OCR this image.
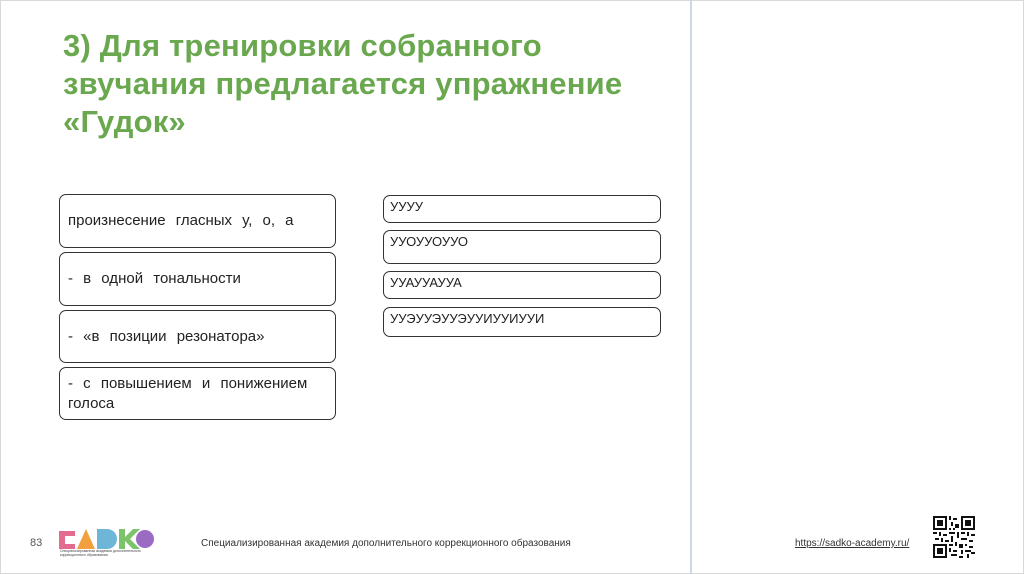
3) Для тренировки собранного
звучания предлагается упражнение
«Гудок»
произнесение гласных у, о, а
- в одной тональности
- «в позиции резонатора»
- с повышением и понижением голоса
УУУУ
УУОУУОУУО
УУАУУАУУА
УУЭУУЭУУЭУУИУУИУУИ
83
Специализированная академия дополнительного коррекционного образования
Специализированная академия дополнительного коррекционного образования	https://sadko-academy.ru/
